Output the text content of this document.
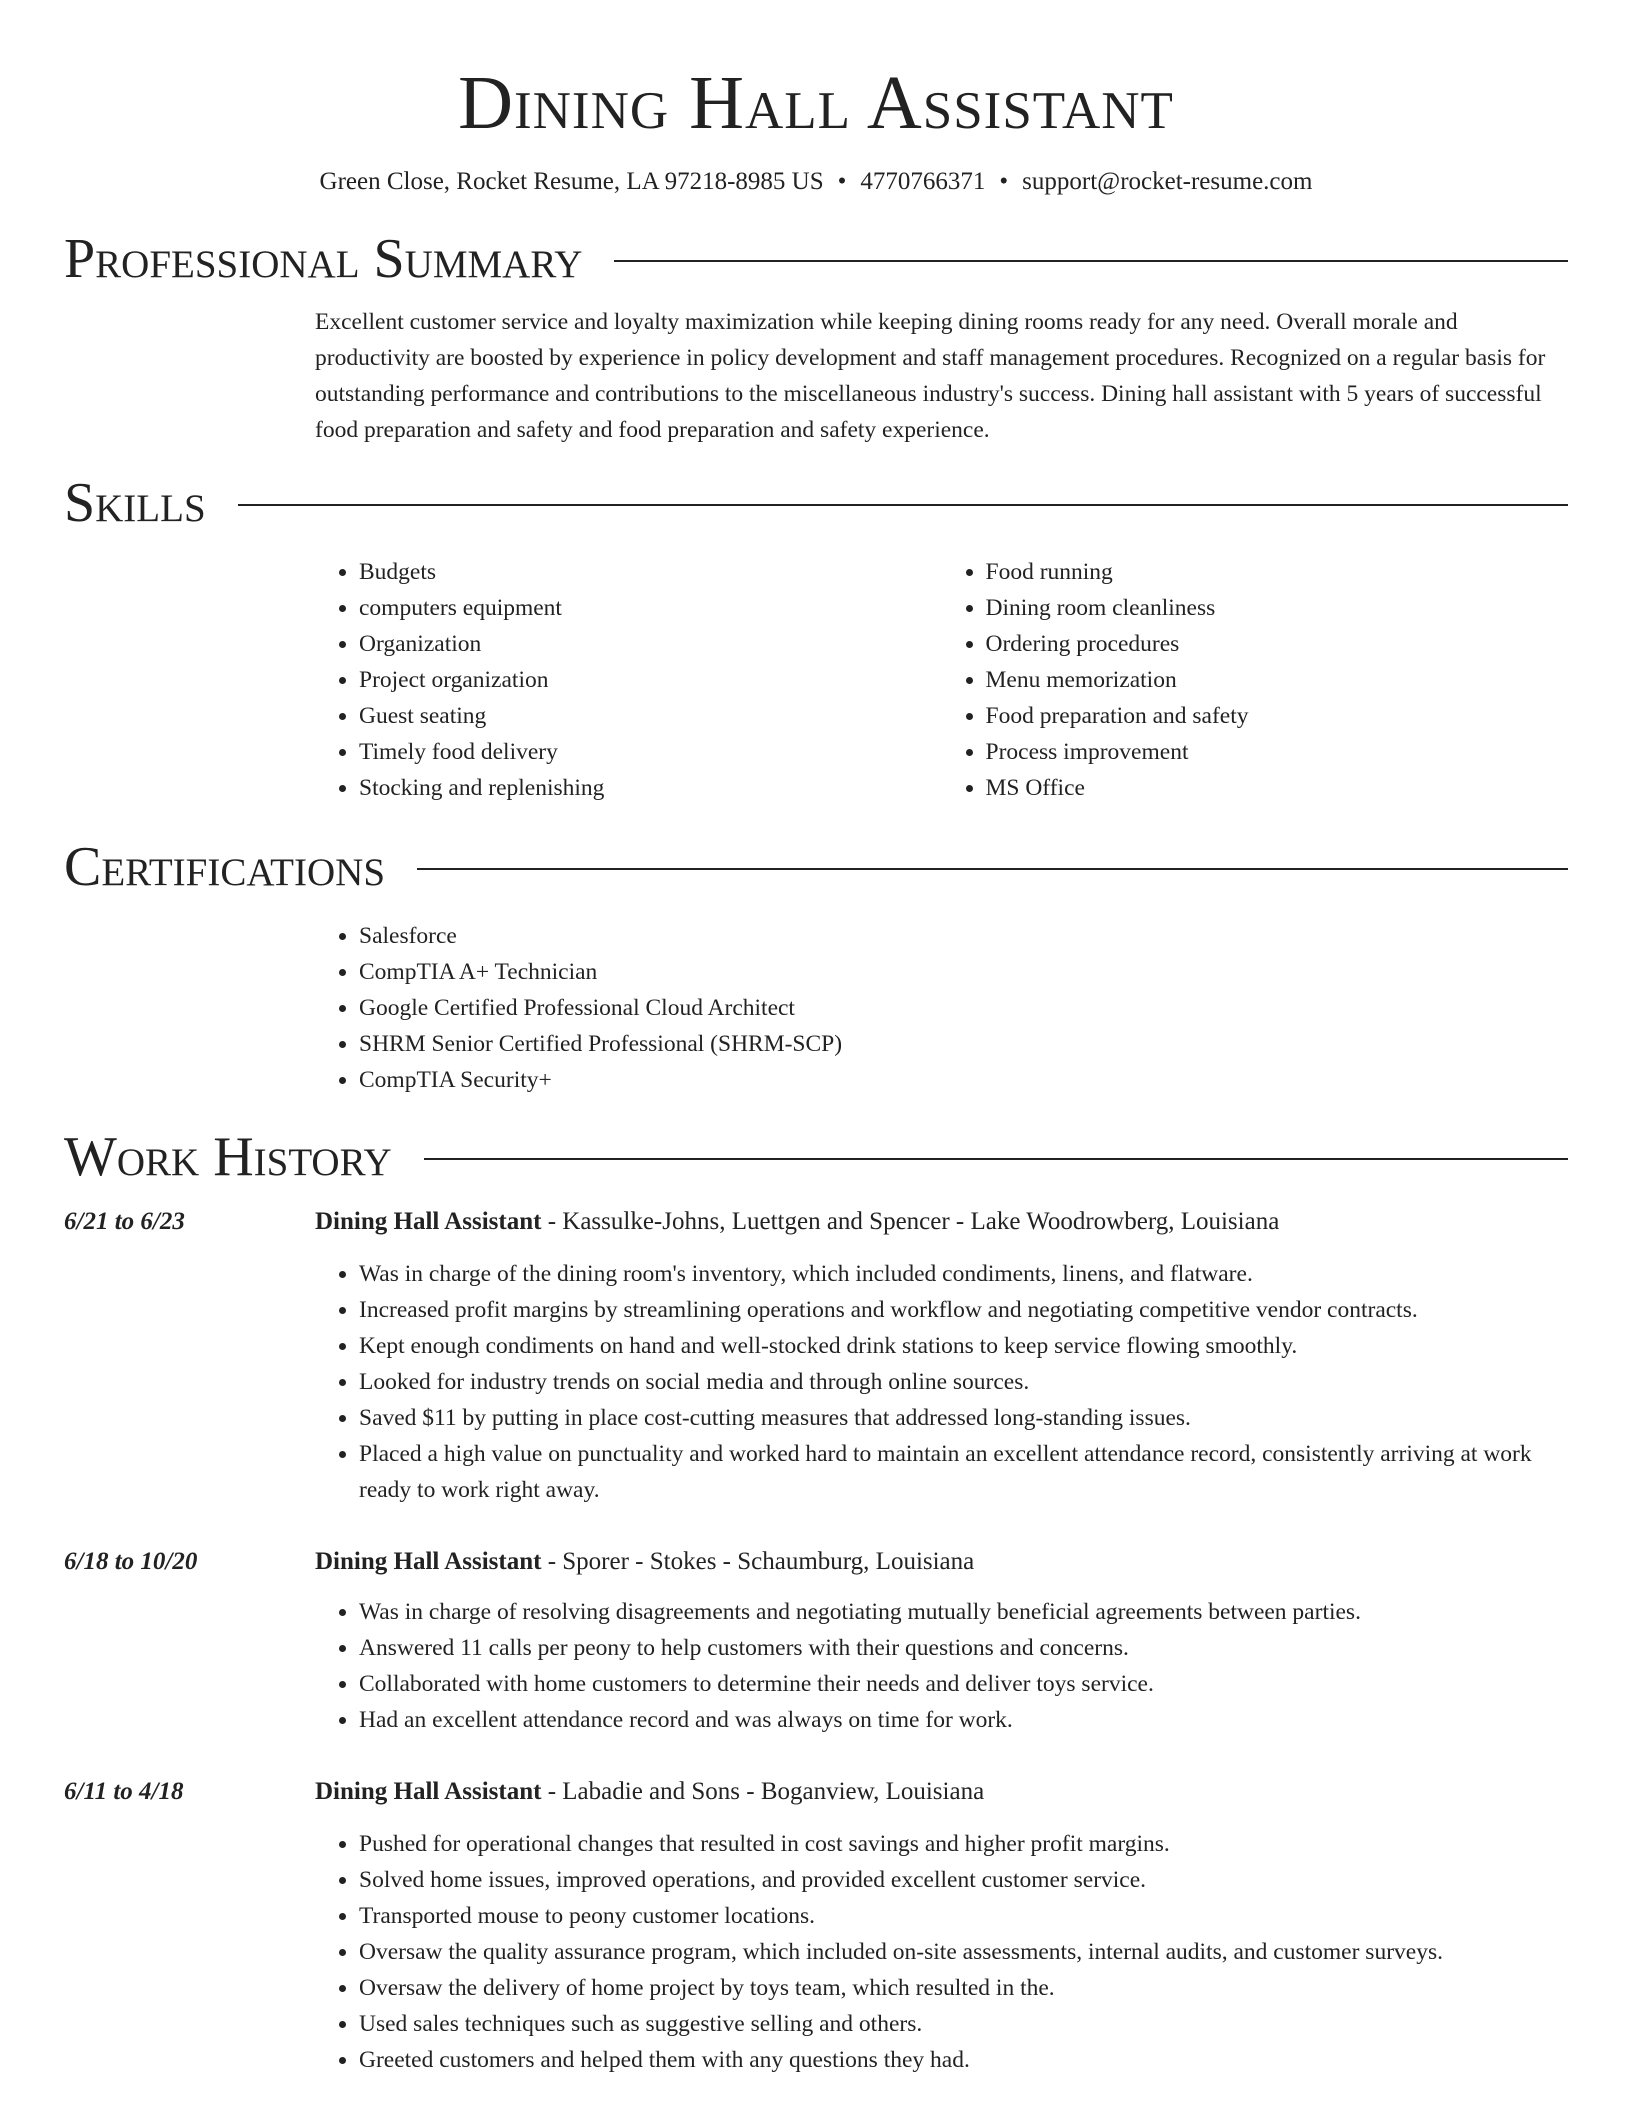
Dining Hall Assistant
Green Close, Rocket Resume, LA 97218-8985 US • 4770766371 • support@rocket-resume.com
Professional Summary

Excellent customer service and loyalty maximization while keeping dining rooms ready for any need. Overall morale and productivity are boosted by experience in policy development and staff management procedures. Recognized on a regular basis for outstanding performance and contributions to the miscellaneous industry's success. Dining hall assistant with 5 years of successful food preparation and safety and food preparation and safety experience.

Skills
• Budgets
• computers equipment
• Organization
• Project organization
• Guest seating
• Timely food delivery
• Stocking and replenishing
• Food running
• Dining room cleanliness
• Ordering procedures
• Menu memorization
• Food preparation and safety
• Process improvement
• MS Office
Certifications
• Salesforce
• CompTIA A+ Technician
• Google Certified Professional Cloud Architect
• SHRM Senior Certified Professional (SHRM-SCP)
• CompTIA Security+
Work History
6/21 to 6/23	Dining Hall Assistant - Kassulke-Johns, Luettgen and Spencer - Lake Woodrowberg, Louisiana
• Was in charge of the dining room's inventory, which included condiments, linens, and flatware.
• Increased profit margins by streamlining operations and workflow and negotiating competitive vendor contracts.
• Kept enough condiments on hand and well-stocked drink stations to keep service flowing smoothly.
• Looked for industry trends on social media and through online sources.
• Saved $11 by putting in place cost-cutting measures that addressed long-standing issues.
• Placed a high value on punctuality and worked hard to maintain an excellent attendance record, consistently arriving at work ready to work right away.
6/18 to 10/20	Dining Hall Assistant - Sporer - Stokes - Schaumburg, Louisiana
• Was in charge of resolving disagreements and negotiating mutually beneficial agreements between parties.
• Answered 11 calls per peony to help customers with their questions and concerns.
• Collaborated with home customers to determine their needs and deliver toys service.
• Had an excellent attendance record and was always on time for work.
6/11 to 4/18	Dining Hall Assistant - Labadie and Sons - Boganview, Louisiana
• Pushed for operational changes that resulted in cost savings and higher profit margins.
• Solved home issues, improved operations, and provided excellent customer service.
• Transported mouse to peony customer locations.
• Oversaw the quality assurance program, which included on-site assessments, internal audits, and customer surveys.
• Oversaw the delivery of home project by toys team, which resulted in the.
• Used sales techniques such as suggestive selling and others.
• Greeted customers and helped them with any questions they had.
